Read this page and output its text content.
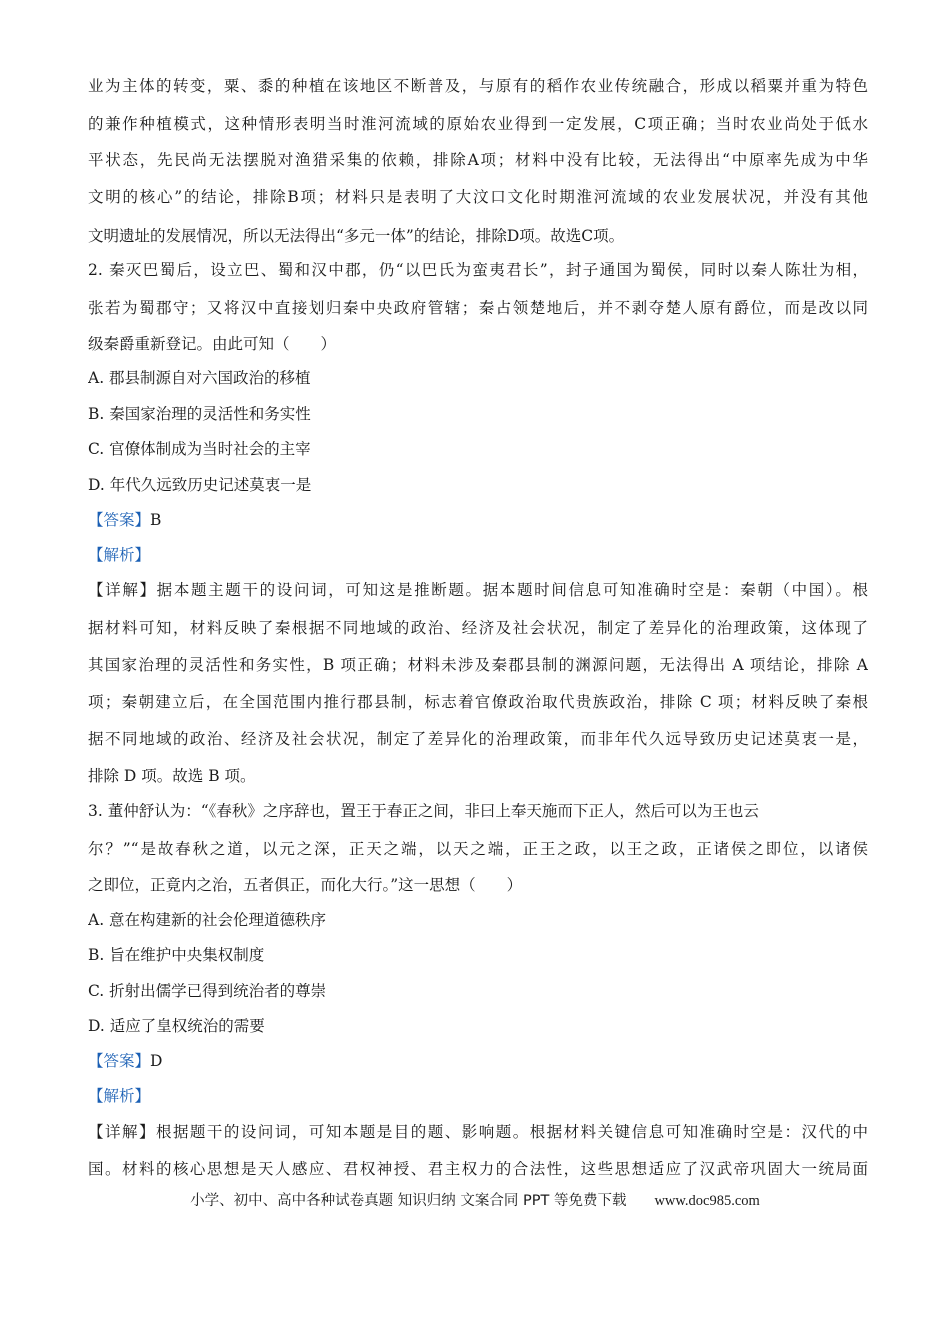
业为主体的转变，粟、黍的种植在该地区不断普及，与原有的稻作农业传统融合，形成以稻粟并重为特色
的兼作种植模式，这种情形表明当时淮河流域的原始农业得到一定发展，C项正确；当时农业尚处于低水
平状态，先民尚无法摆脱对渔猎采集的依赖，排除A项；材料中没有比较，无法得出“中原率先成为中华
文明的核心”的结论，排除B项；材料只是表明了大汶口文化时期淮河流域的农业发展状况，并没有其他
文明遗址的发展情况，所以无法得出“多元一体”的结论，排除D项。故选C项。
2. 秦灭巴蜀后，设立巴、蜀和汉中郡，仍“以巴氏为蛮夷君长”，封子通国为蜀侯，同时以秦人陈壮为相，
张若为蜀郡守；又将汉中直接划归秦中央政府管辖；秦占领楚地后，并不剥夺楚人原有爵位，而是改以同
级秦爵重新登记。由此可知（　　）
A. 郡县制源自对六国政治的移植
B. 秦国家治理的灵活性和务实性
C. 官僚体制成为当时社会的主宰
D. 年代久远致历史记述莫衷一是
【答案】B
【解析】
【详解】据本题主题干的设问词，可知这是推断题。据本题时间信息可知准确时空是：秦朝（中国）。根
据材料可知，材料反映了秦根据不同地域的政治、经济及社会状况，制定了差异化的治理政策，这体现了
其国家治理的灵活性和务实性，B 项正确；材料未涉及秦郡县制的渊源问题，无法得出 A 项结论，排除 A
项；秦朝建立后，在全国范围内推行郡县制，标志着官僚政治取代贵族政治，排除 C 项；材料反映了秦根
据不同地域的政治、经济及社会状况，制定了差异化的治理政策，而非年代久远导致历史记述莫衷一是，
排除 D 项。故选 B 项。
3. 董仲舒认为：“《春秋》之序辞也，置王于春正之间，非曰上奉天施而下正人，然后可以为王也云
尔？”“是故春秋之道，以元之深，正天之端，以天之端，正王之政，以王之政，正诸侯之即位，以诸侯
之即位，正竟内之治，五者俱正，而化大行。”这一思想（　　）
A. 意在构建新的社会伦理道德秩序
B. 旨在维护中央集权制度
C. 折射出儒学已得到统治者的尊崇
D. 适应了皇权统治的需要
【答案】D
【解析】
【详解】根据题干的设问词，可知本题是目的题、影响题。根据材料关键信息可知准确时空是：汉代的中
国。材料的核心思想是天人感应、君权神授、君主权力的合法性，这些思想适应了汉武帝巩固大一统局面
小学、初中、高中各种试卷真题 知识归纳 文案合同 PPT 等免费下载 www.doc985.com
